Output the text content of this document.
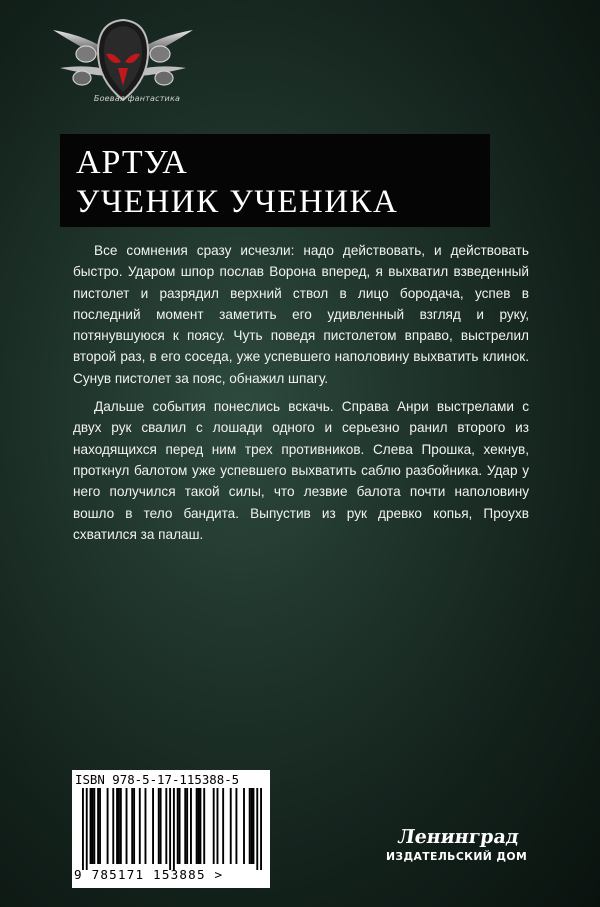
Боевая фантастика
АРТУА
УЧЕНИК УЧЕНИКА

Все сомнения сразу исчезли: надо действовать, и действовать быстро. Ударом шпор послав Ворона вперед, я выхватил взведенный пистолет и разрядил верхний ствол в лицо бородача, успев в последний момент заметить его удивленный взгляд и руку, потянувшуюся к поясу. Чуть поведя пистолетом вправо, выстрелил второй раз, в его соседа, уже успевшего наполовину выхватить клинок. Сунув пистолет за пояс, обнажил шпагу.

Дальше события понеслись вскачь. Справа Анри выстрелами с двух рук свалил с лошади одного и серьезно ранил второго из находящихся перед ним трех противников. Слева Прошка, хекнув, проткнул балотом уже успевшего выхватить саблю разбойника. Удар у него получился такой силы, что лезвие балота почти наполовину вошло в тело бандита. Выпустив из рук древко копья, Проухв схватился за палаш.

ISBN 978-5-17-115388-5
9 785171 153885 >
Ленинград
ИЗДАТЕЛЬСКИЙ ДОМ
